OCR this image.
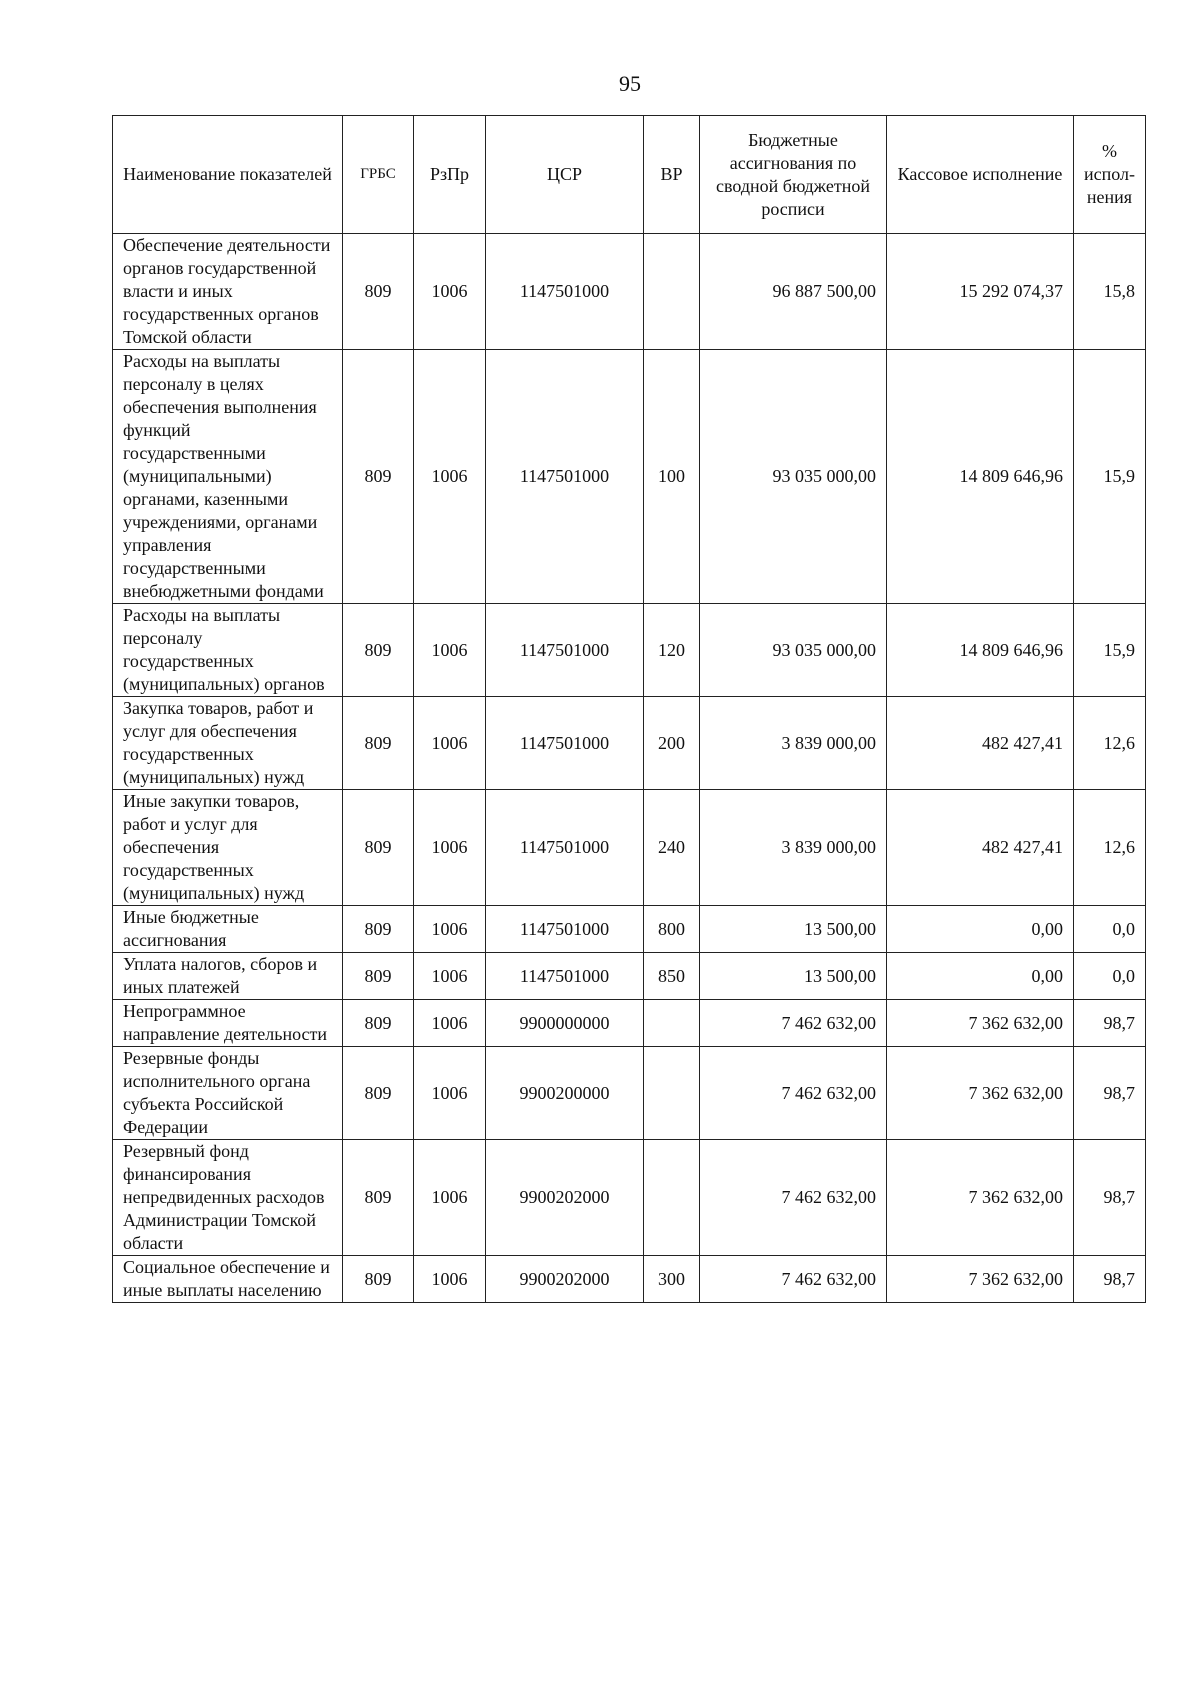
95
Наименование показателей	ГРБС	РзПр	ЦСР	ВР	Бюджетные ассигнования по сводной бюджетной росписи	Кассовое исполнение	% испол-нения
Обеспечение деятельности органов государственной власти и иных государственных органов Томской области	809	1006	1147501000		96 887 500,00	15 292 074,37	15,8
Расходы на выплаты персоналу в целях обеспечения выполнения функций государственными (муниципальными) органами, казенными учреждениями, органами управления государственными внебюджетными фондами	809	1006	1147501000	100	93 035 000,00	14 809 646,96	15,9
Расходы на выплаты персоналу государственных (муниципальных) органов	809	1006	1147501000	120	93 035 000,00	14 809 646,96	15,9
Закупка товаров, работ и услуг для обеспечения государственных (муниципальных) нужд	809	1006	1147501000	200	3 839 000,00	482 427,41	12,6
Иные закупки товаров, работ и услуг для обеспечения государственных (муниципальных) нужд	809	1006	1147501000	240	3 839 000,00	482 427,41	12,6
Иные бюджетные ассигнования	809	1006	1147501000	800	13 500,00	0,00	0,0
Уплата налогов, сборов и иных платежей	809	1006	1147501000	850	13 500,00	0,00	0,0
Непрограммное направление деятельности	809	1006	9900000000		7 462 632,00	7 362 632,00	98,7
Резервные фонды исполнительного органа субъекта Российской Федерации	809	1006	9900200000		7 462 632,00	7 362 632,00	98,7
Резервный фонд финансирования непредвиденных расходов Администрации Томской области	809	1006	9900202000		7 462 632,00	7 362 632,00	98,7
Социальное обеспечение и иные выплаты населению	809	1006	9900202000	300	7 462 632,00	7 362 632,00	98,7
